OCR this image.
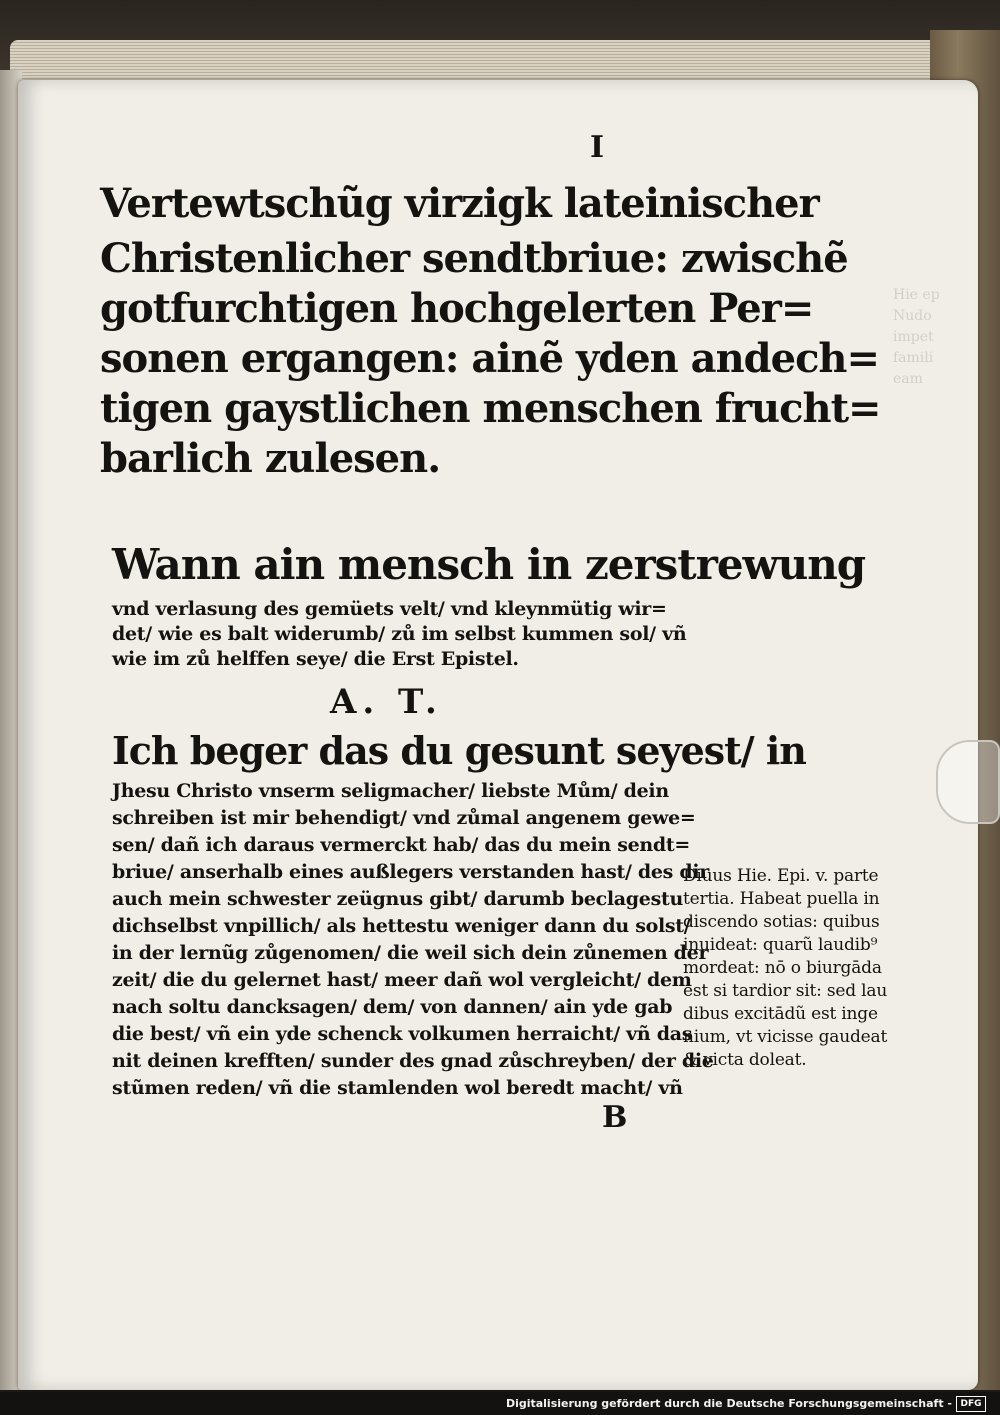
Hie ep
Nudo
impet
famili
eam
I
Vertewtschũg virzigk lateinischer
Christenlicher sendtbriue: zwischẽ
gotfurchtigen hochgelerten Per=
sonen ergangen: ainẽ yden andech=
tigen gaystlichen menschen frucht=
barlich zulesen.
Wann ain mensch in zerstrewung
vnd verlasung des gemüets velt/ vnd kleynmütig wir=
det/ wie es balt widerumb/ zů im selbst kummen sol/ vñ
wie im zů helffen seye/ die Erst Epistel.
A. T.
Ich beger das du gesunt seyest/ in
Jhesu Christo vnserm seligmacher/ liebste Mům/ dein
schreiben ist mir behendigt/ vnd zůmal angenem gewe=
sen/ dañ ich daraus vermerckt hab/ das du mein sendt=
briue/ anserhalb eines außlegers verstanden hast/ des dir
auch mein schwester zeügnus gibt/ darumb beclagestu
dichselbst vnpillich/ als hettestu weniger dann du solst/
in der lernũg zůgenomen/ die weil sich dein zůnemen der
zeit/ die du gelernet hast/ meer dañ wol vergleicht/ dem
nach soltu dancksagen/ dem/ von dannen/ ain yde gab
die best/ vñ ein yde schenck volkumen herraicht/ vñ das
nit deinen krefften/ sunder des gnad zůschreyben/ der die
stũmen reden/ vñ die stamlenden wol beredt macht/ vñ
B
Diuus Hie. Epi. v. parte
tertia. Habeat puella in
discendo sotias: quibus
inuideat: quarũ laudib⁹
mordeat: nō o biurgāda
est si tardior sit: sed lau
dibus excitādũ est inge
nium, vt vicisse gaudeat
& victa doleat.
Digitalisierung gefördert durch die Deutsche Forschungsgemeinschaft - DFG
